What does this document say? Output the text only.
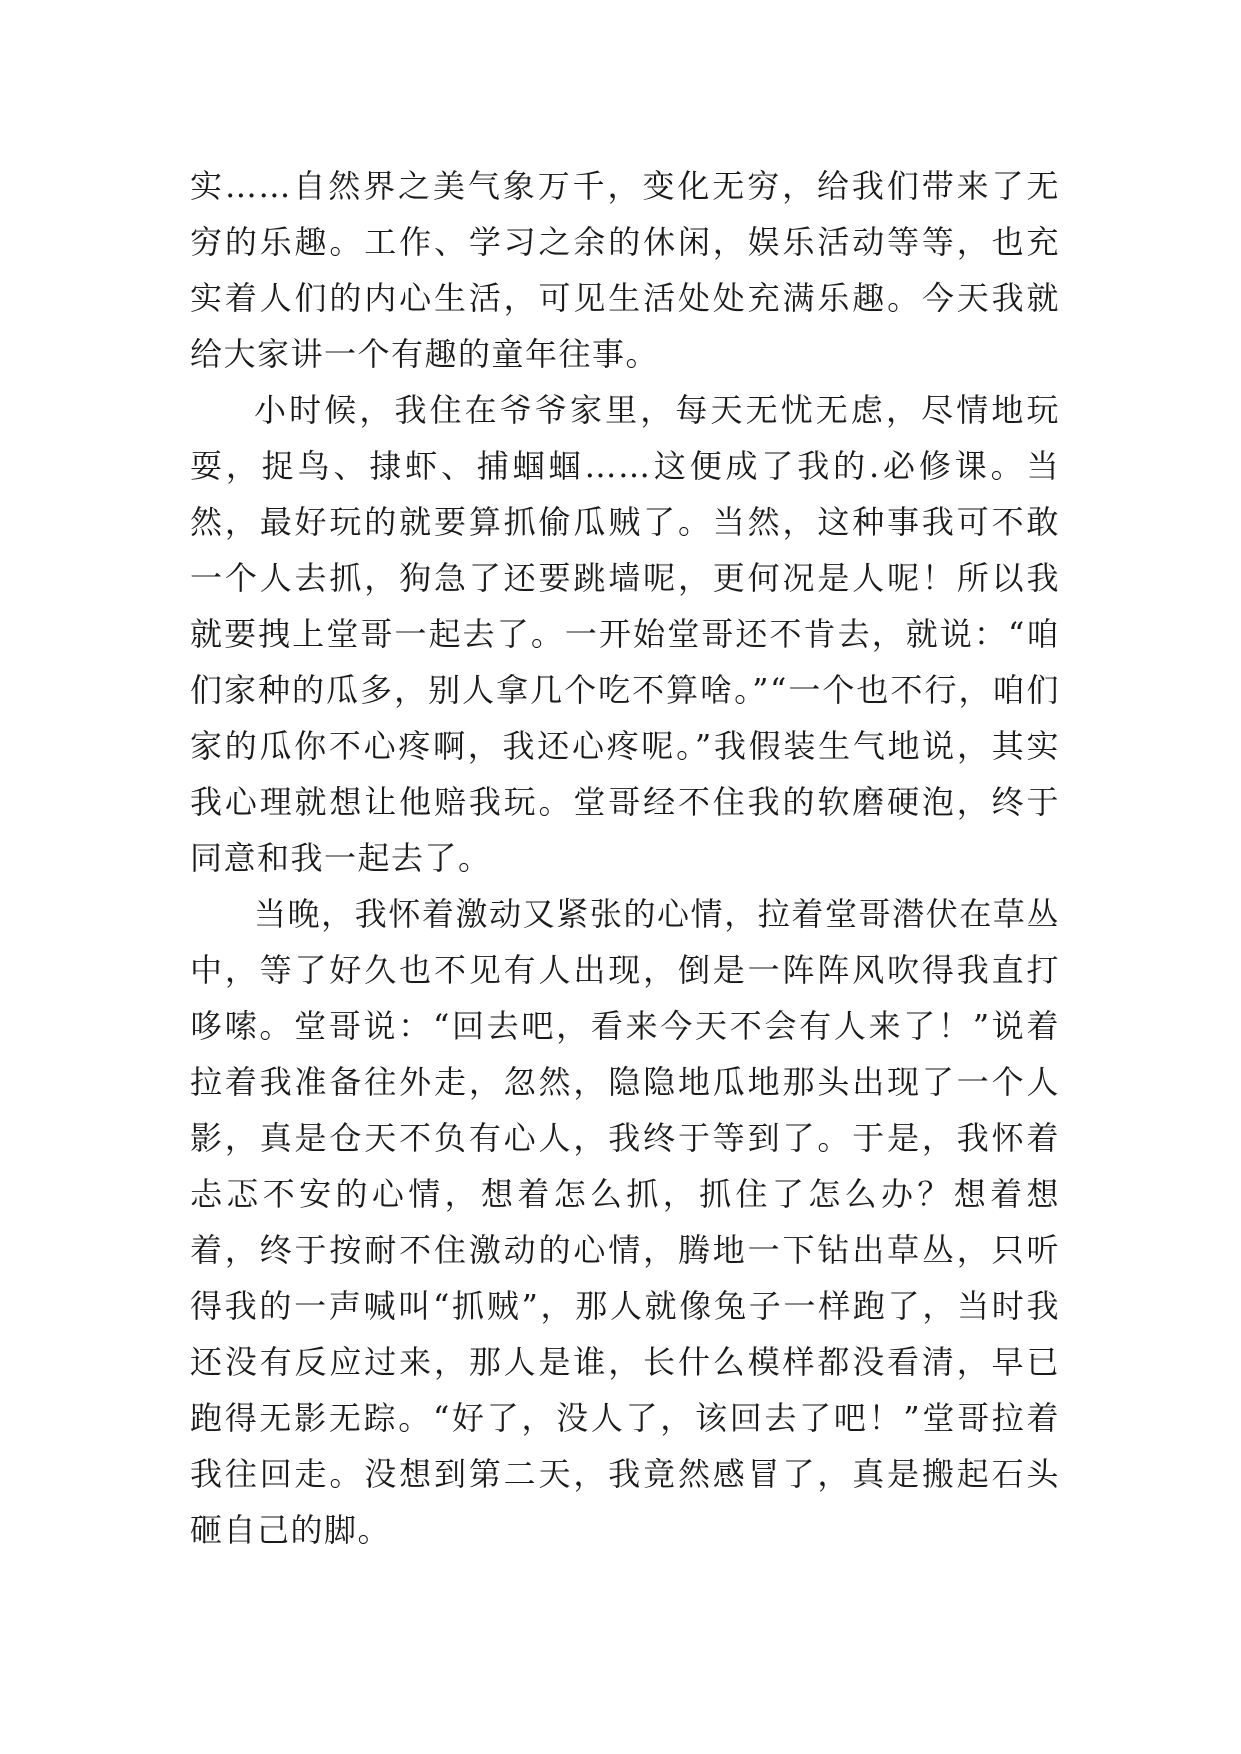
实……自然界之美气象万千，变化无穷，给我们带来了无穷的乐趣。工作、学习之余的休闲，娱乐活动等等，也充实着人们的内心生活，可见生活处处充满乐趣。今天我就给大家讲一个有趣的童年往事。

小时候，我住在爷爷家里，每天无忧无虑，尽情地玩耍，捉鸟、捸虾、捕蝈蝈……这便成了我的.必修课。当然，最好玩的就要算抓偷瓜贼了。当然，这种事我可不敢一个人去抓，狗急了还要跳墙呢，更何况是人呢！所以我就要拽上堂哥一起去了。一开始堂哥还不肯去，就说：“咱们家种的瓜多，别人拿几个吃不算啥。”“一个也不行，咱们家的瓜你不心疼啊，我还心疼呢。”我假装生气地说，其实我心理就想让他赔我玩。堂哥经不住我的软磨硬泡，终于同意和我一起去了。

当晚，我怀着激动又紧张的心情，拉着堂哥潜伏在草丛中，等了好久也不见有人出现，倒是一阵阵风吹得我直打哆嗦。堂哥说：“回去吧，看来今天不会有人来了！”说着拉着我准备往外走，忽然，隐隐地瓜地那头出现了一个人影，真是仓天不负有心人，我终于等到了。于是，我怀着忐忑不安的心情，想着怎么抓，抓住了怎么办？想着想着，终于按耐不住激动的心情，腾地一下钻出草丛，只听得我的一声喊叫“抓贼”，那人就像兔子一样跑了，当时我还没有反应过来，那人是谁，长什么模样都没看清，早已跑得无影无踪。“好了，没人了，该回去了吧！”堂哥拉着我往回走。没想到第二天，我竟然感冒了，真是搬起石头砸自己的脚。
